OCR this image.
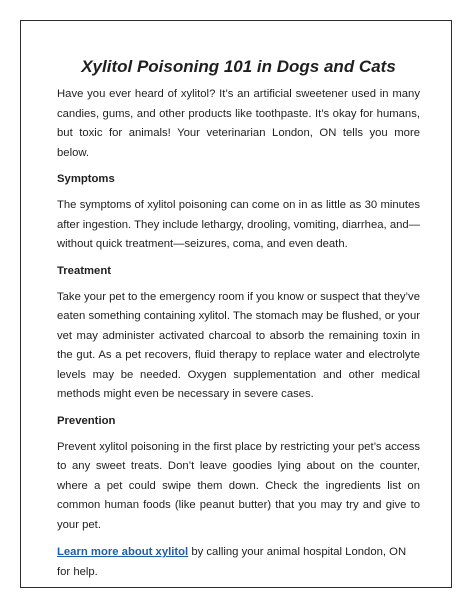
Xylitol Poisoning 101 in Dogs and Cats

Have you ever heard of xylitol? It’s an artificial sweetener used in many candies, gums, and other products like toothpaste. It’s okay for humans, but toxic for animals! Your veterinarian London, ON tells you more below.

Symptoms

The symptoms of xylitol poisoning can come on in as little as 30 minutes after ingestion. They include lethargy, drooling, vomiting, diarrhea, and—without quick treatment—seizures, coma, and even death.

Treatment

Take your pet to the emergency room if you know or suspect that they’ve eaten something containing xylitol. The stomach may be flushed, or your vet may administer activated charcoal to absorb the remaining toxin in the gut. As a pet recovers, fluid therapy to replace water and electrolyte levels may be needed. Oxygen supplementation and other medical methods might even be necessary in severe cases.

Prevention

Prevent xylitol poisoning in the first place by restricting your pet’s access to any sweet treats. Don’t leave goodies lying about on the counter, where a pet could swipe them down. Check the ingredients list on common human foods (like peanut butter) that you may try and give to your pet.

Learn more about xylitol by calling your animal hospital London, ON for help.
